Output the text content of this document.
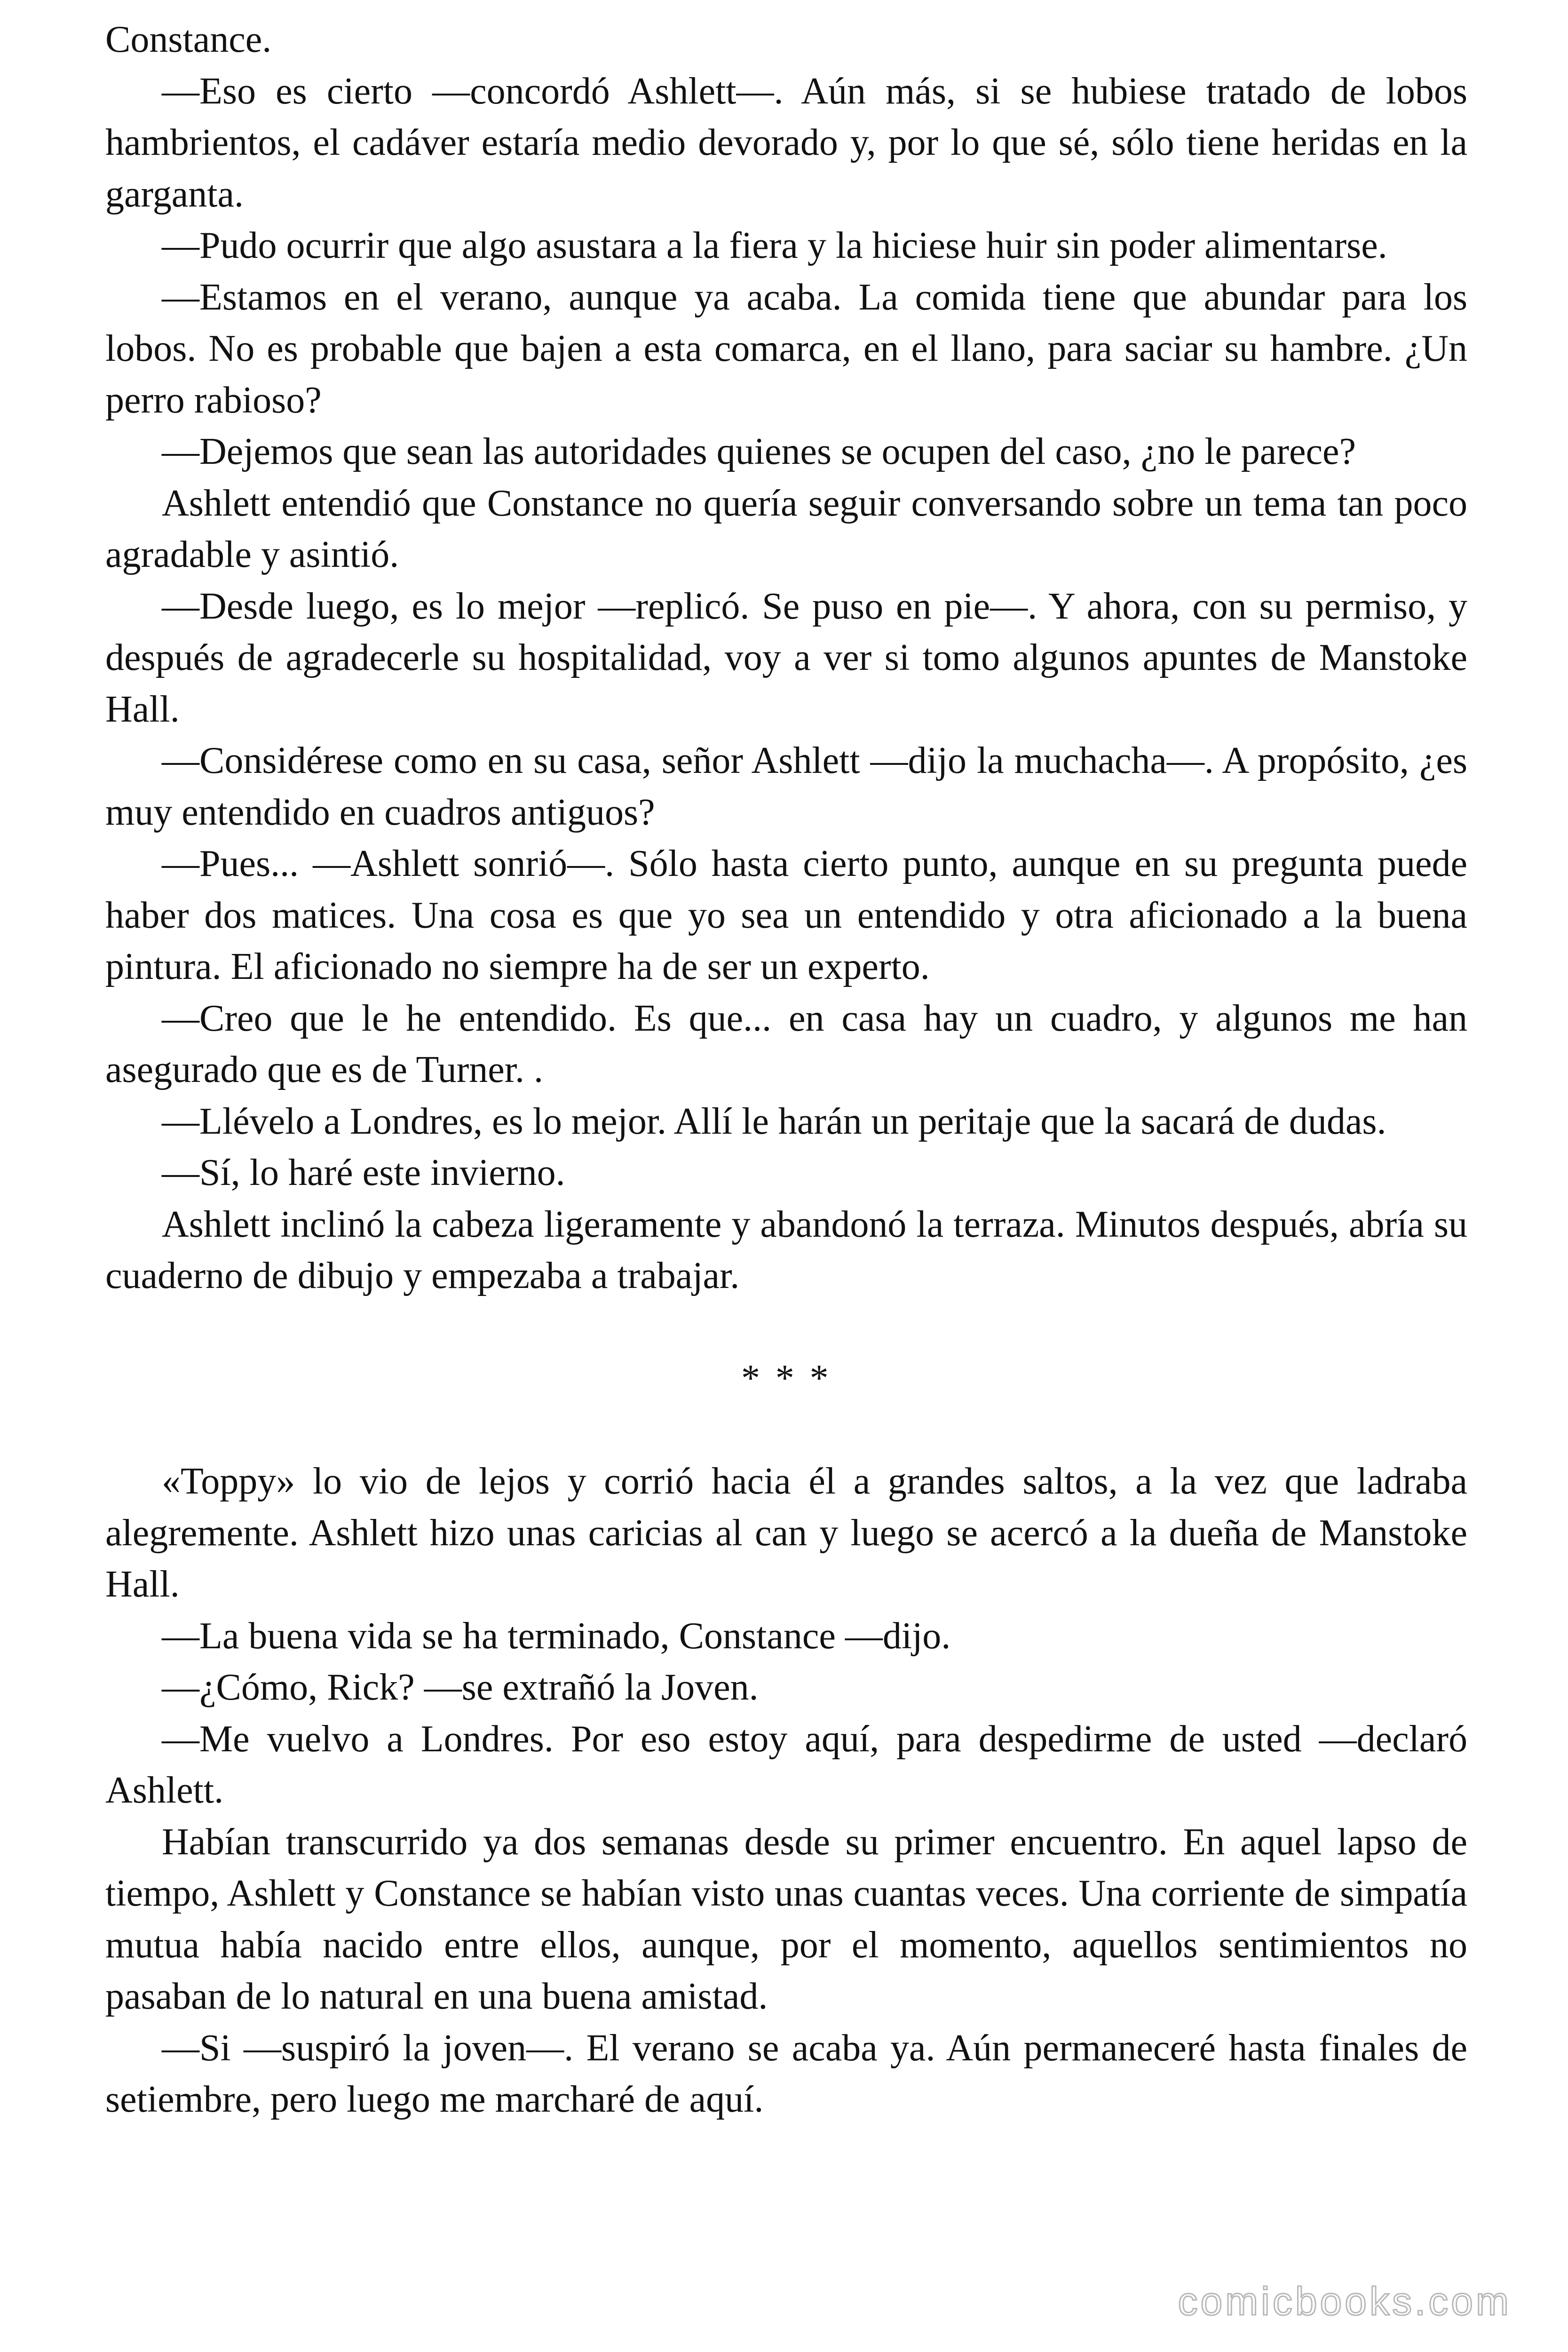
Constance.

—Eso es cierto —concordó Ashlett—. Aún más, si se hubiese tratado de lobos hambrientos, el cadáver estaría medio devorado y, por lo que sé, sólo tiene heridas en la garganta.

—Pudo ocurrir que algo asustara a la fiera y la hiciese huir sin poder alimentarse.

—Estamos en el verano, aunque ya acaba. La comida tiene que abundar para los lobos. No es probable que bajen a esta comarca, en el llano, para saciar su hambre. ¿Un perro rabioso?

—Dejemos que sean las autoridades quienes se ocupen del caso, ¿no le parece?

Ashlett entendió que Constance no quería seguir conversando sobre un tema tan poco agradable y asintió.

—Desde luego, es lo mejor —replicó. Se puso en pie—. Y ahora, con su permiso, y después de agradecerle su hospitalidad, voy a ver si tomo algunos apuntes de Manstoke Hall.

—Considérese como en su casa, señor Ashlett —dijo la muchacha—. A propósito, ¿es muy entendido en cuadros antiguos?

—Pues... —Ashlett sonrió—. Sólo hasta cierto punto, aunque en su pregunta puede haber dos matices. Una cosa es que yo sea un entendido y otra aficionado a la buena pintura. El aficionado no siempre ha de ser un experto.

—Creo que le he entendido. Es que... en casa hay un cuadro, y algunos me han asegurado que es de Turner. .

—Llévelo a Londres, es lo mejor. Allí le harán un peritaje que la sacará de dudas.

—Sí, lo haré este invierno.

Ashlett inclinó la cabeza ligeramente y abandonó la terraza. Minutos después, abría su cuaderno de dibujo y empezaba a trabajar.

* * *

«Toppy» lo vio de lejos y corrió hacia él a grandes saltos, a la vez que ladraba alegremente. Ashlett hizo unas caricias al can y luego se acercó a la dueña de Manstoke Hall.

—La buena vida se ha terminado, Constance —dijo.

—¿Cómo, Rick? —se extrañó la Joven.

—Me vuelvo a Londres. Por eso estoy aquí, para despedirme de usted —declaró Ashlett.

Habían transcurrido ya dos semanas desde su primer encuentro. En aquel lapso de tiempo, Ashlett y Constance se habían visto unas cuantas veces. Una corriente de simpatía mutua había nacido entre ellos, aunque, por el momento, aquellos sentimientos no pasaban de lo natural en una buena amistad.

—Si —suspiró la joven—. El verano se acaba ya. Aún permaneceré hasta finales de setiembre, pero luego me marcharé de aquí.

comicbooks.com
